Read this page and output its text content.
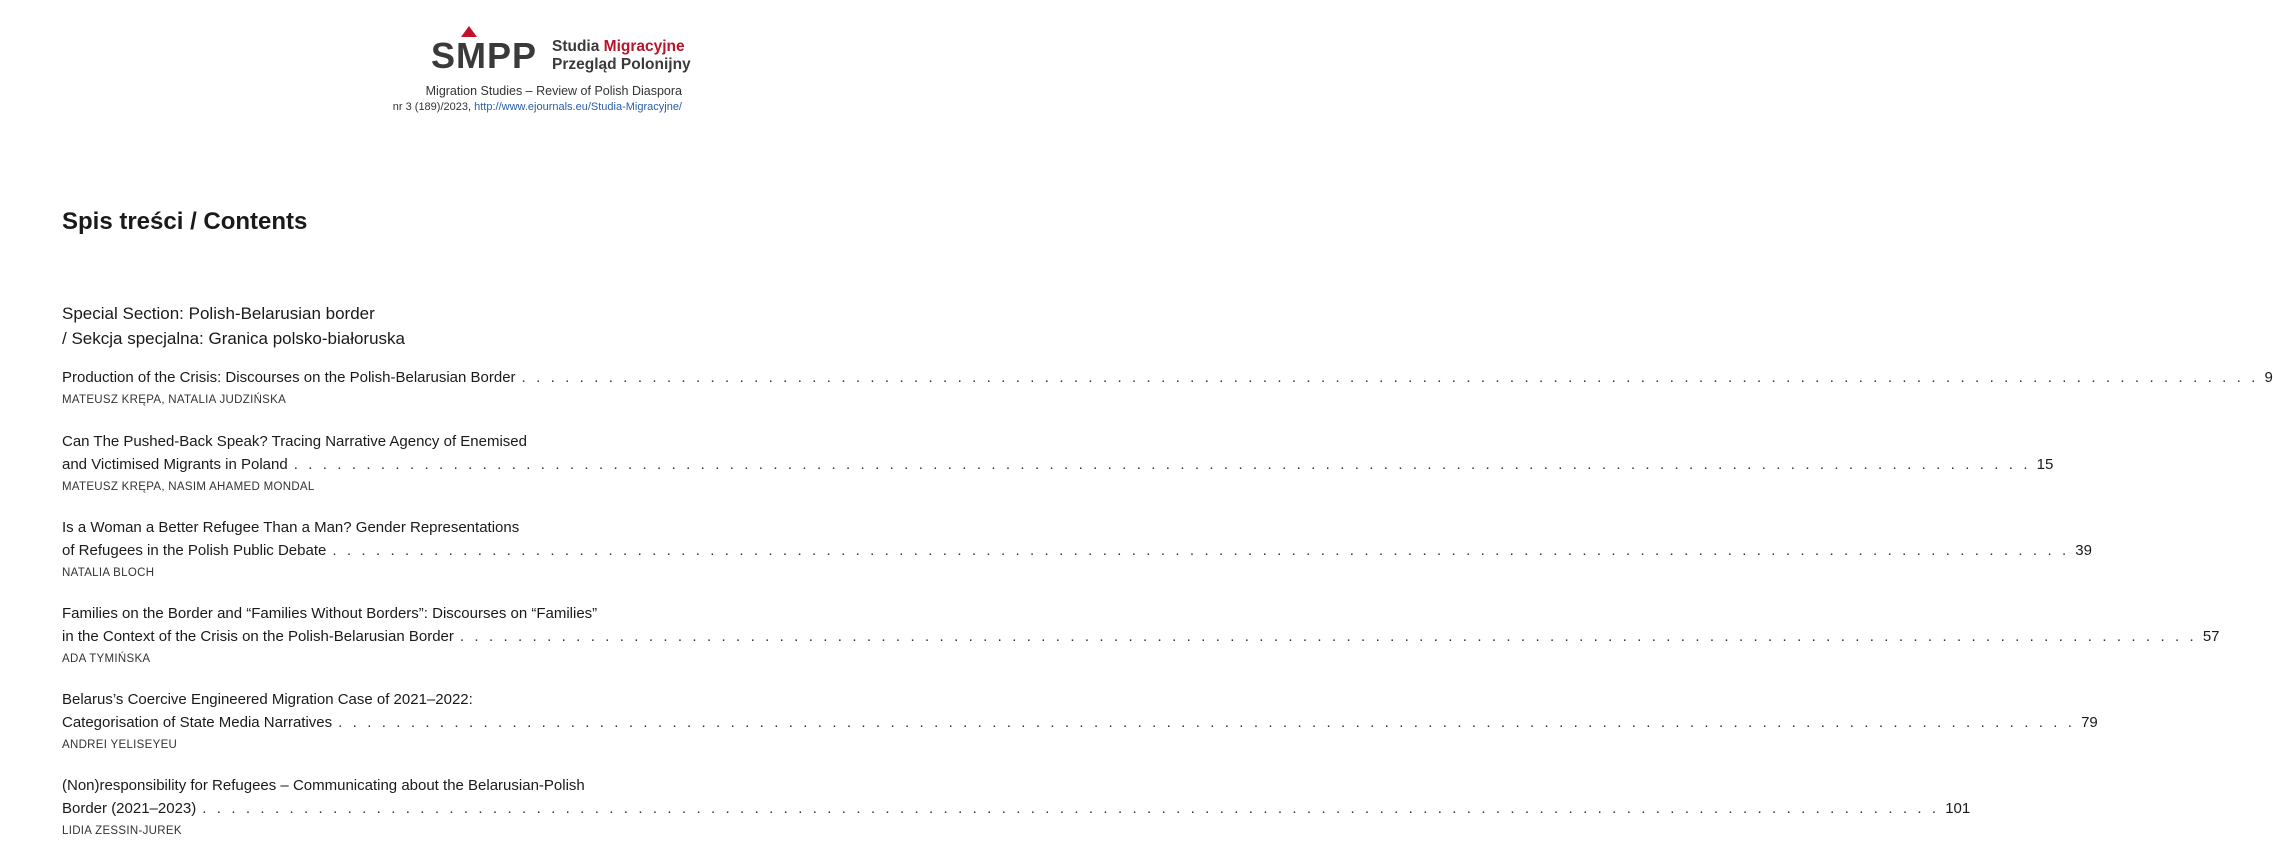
SMPP Studia Migracyjne
Przegląd Polonijny
Migration Studies – Review of Polish Diaspora
nr 3 (189)/2023, http://www.ejournals.eu/Studia-Migracyjne/
Spis treści / Contents
Special Section: Polish-Belarusian border
/ Sekcja specjalna: Granica polsko-białoruska
Production of the Crisis: Discourses on the Polish-Belarusian Border . . . . . . . . . . . . . . . . . . . . . . . . . . . . . . . . . . . . . . . . . . . . . . . . . . . . . . . . . . . . . . . . . . . . . . . . . . . . . . . . . . . . . . . . . . . . . . . . . . . . . . . . . . . . . . . . . . . . . . . . 9
MATEUSZ KRĘPA, NATALIA JUDZIŃSKA
Can The Pushed-Back Speak? Tracing Narrative Agency of Enemised
and Victimised Migrants in Poland . . . . . . . . . . . . . . . . . . . . . . . . . . . . . . . . . . . . . . . . . . . . . . . . . . . . . . . . . . . . . . . . . . . . . . . . . . . . . . . . . . . . . . . . . . . . . . . . . . . . . . . . . . . . . . . . . . . . . . . . 15
MATEUSZ KRĘPA, NASIM AHAMED MONDAL
Is a Woman a Better Refugee Than a Man? Gender Representations
of Refugees in the Polish Public Debate . . . . . . . . . . . . . . . . . . . . . . . . . . . . . . . . . . . . . . . . . . . . . . . . . . . . . . . . . . . . . . . . . . . . . . . . . . . . . . . . . . . . . . . . . . . . . . . . . . . . . . . . . . . . . . . . . . . . . . . . 39
NATALIA BLOCH
Families on the Border and “Families Without Borders”: Discourses on “Families”
in the Context of the Crisis on the Polish-Belarusian Border . . . . . . . . . . . . . . . . . . . . . . . . . . . . . . . . . . . . . . . . . . . . . . . . . . . . . . . . . . . . . . . . . . . . . . . . . . . . . . . . . . . . . . . . . . . . . . . . . . . . . . . . . . . . . . . . . . . . . . . . 57
ADA TYMIŃSKA
Belarus’s Coercive Engineered Migration Case of 2021–2022:
Categorisation of State Media Narratives . . . . . . . . . . . . . . . . . . . . . . . . . . . . . . . . . . . . . . . . . . . . . . . . . . . . . . . . . . . . . . . . . . . . . . . . . . . . . . . . . . . . . . . . . . . . . . . . . . . . . . . . . . . . . . . . . . . . . . . . 79
ANDREI YELISEYEU
(Non)responsibility for Refugees – Communicating about the Belarusian-Polish
Border (2021–2023) . . . . . . . . . . . . . . . . . . . . . . . . . . . . . . . . . . . . . . . . . . . . . . . . . . . . . . . . . . . . . . . . . . . . . . . . . . . . . . . . . . . . . . . . . . . . . . . . . . . . . . . . . . . . . . . . . . . . . . . . 101
LIDIA ZESSIN-JUREK
